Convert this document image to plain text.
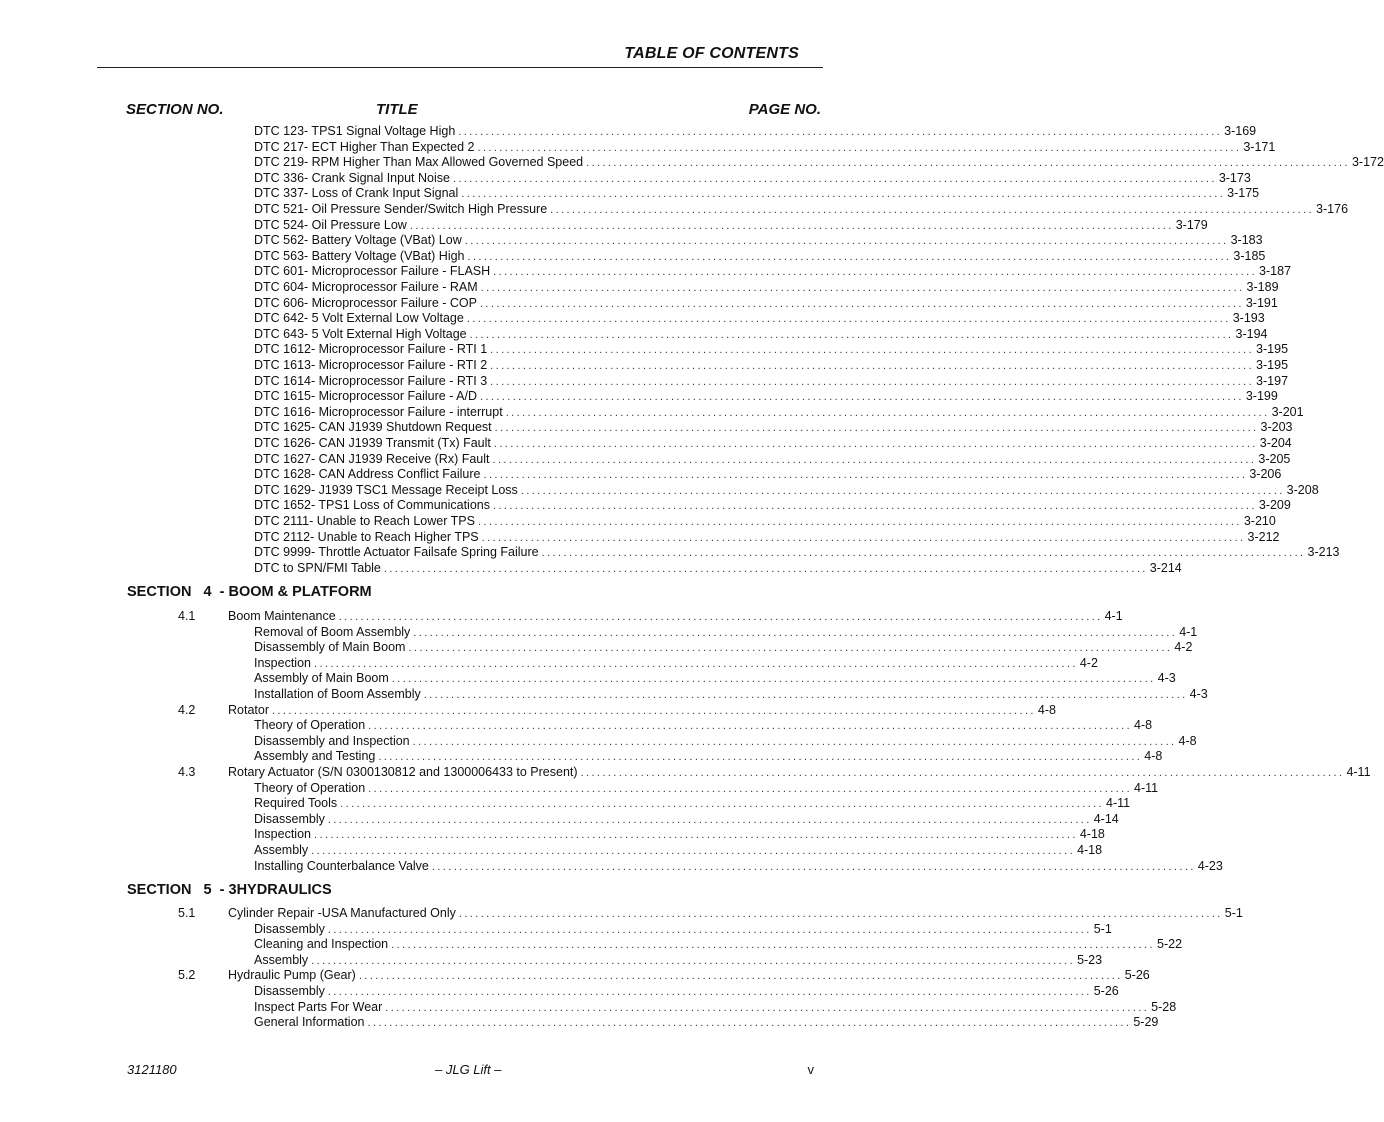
TABLE OF CONTENTS
SECTION NO.	TITLE	PAGE NO.
DTC 123- TPS1 Signal Voltage High ............................................................................................................................................ 3-169
DTC 217- ECT Higher Than Expected 2 ............................................................................................................................................ 3-171
DTC 219- RPM Higher Than Max Allowed Governed Speed ............................................................................................................................................ 3-172
DTC 336- Crank Signal Input Noise ............................................................................................................................................ 3-173
DTC 337- Loss of Crank Input Signal ............................................................................................................................................ 3-175
DTC 521- Oil Pressure Sender/Switch High Pressure ............................................................................................................................................ 3-176
DTC 524- Oil Pressure Low ............................................................................................................................................ 3-179
DTC 562- Battery Voltage (VBat) Low ............................................................................................................................................ 3-183
DTC 563- Battery Voltage (VBat) High ............................................................................................................................................ 3-185
DTC 601- Microprocessor Failure - FLASH ............................................................................................................................................ 3-187
DTC 604- Microprocessor Failure - RAM ............................................................................................................................................ 3-189
DTC 606- Microprocessor Failure - COP ............................................................................................................................................ 3-191
DTC 642- 5 Volt External Low Voltage ............................................................................................................................................ 3-193
DTC 643- 5 Volt External High Voltage ............................................................................................................................................ 3-194
DTC 1612- Microprocessor Failure - RTI 1 ............................................................................................................................................ 3-195
DTC 1613- Microprocessor Failure - RTI 2 ............................................................................................................................................ 3-195
DTC 1614- Microprocessor Failure - RTI 3 ............................................................................................................................................ 3-197
DTC 1615- Microprocessor Failure - A/D ............................................................................................................................................ 3-199
DTC 1616- Microprocessor Failure - interrupt ............................................................................................................................................ 3-201
DTC 1625- CAN J1939 Shutdown Request ............................................................................................................................................ 3-203
DTC 1626- CAN J1939 Transmit (Tx) Fault ............................................................................................................................................ 3-204
DTC 1627- CAN J1939 Receive (Rx) Fault ............................................................................................................................................ 3-205
DTC 1628- CAN Address Conflict Failure ............................................................................................................................................ 3-206
DTC 1629- J1939 TSC1 Message Receipt Loss ............................................................................................................................................ 3-208
DTC 1652- TPS1 Loss of Communications ............................................................................................................................................ 3-209
DTC 2111- Unable to Reach Lower TPS ............................................................................................................................................ 3-210
DTC 2112- Unable to Reach Higher TPS ............................................................................................................................................ 3-212
DTC 9999- Throttle Actuator Failsafe Spring Failure ............................................................................................................................................ 3-213
DTC to SPN/FMI Table ............................................................................................................................................ 3-214
SECTION   4  - BOOM & PLATFORM
4.1	Boom Maintenance ............................................................................................................................................ 4-1
Removal of Boom Assembly ............................................................................................................................................ 4-1
Disassembly of Main Boom ............................................................................................................................................ 4-2
Inspection ............................................................................................................................................ 4-2
Assembly of Main Boom ............................................................................................................................................ 4-3
Installation of Boom Assembly ............................................................................................................................................ 4-3
4.2	Rotator ............................................................................................................................................ 4-8
Theory of Operation ............................................................................................................................................ 4-8
Disassembly and Inspection ............................................................................................................................................ 4-8
Assembly and Testing ............................................................................................................................................ 4-8
4.3	Rotary Actuator (S/N 0300130812 and 1300006433 to Present) ............................................................................................................................................ 4-11
Theory of Operation ............................................................................................................................................ 4-11
Required Tools ............................................................................................................................................ 4-11
Disassembly ............................................................................................................................................ 4-14
Inspection ............................................................................................................................................ 4-18
Assembly ............................................................................................................................................ 4-18
Installing Counterbalance Valve ............................................................................................................................................ 4-23
SECTION   5  - 3HYDRAULICS
5.1	Cylinder Repair -USA Manufactured Only ............................................................................................................................................ 5-1
Disassembly ............................................................................................................................................ 5-1
Cleaning and Inspection ............................................................................................................................................ 5-22
Assembly ............................................................................................................................................ 5-23
5.2	Hydraulic Pump (Gear) ............................................................................................................................................ 5-26
Disassembly ............................................................................................................................................ 5-26
Inspect Parts For Wear ............................................................................................................................................ 5-28
General Information ............................................................................................................................................ 5-29
3121180	– JLG Lift –	v
